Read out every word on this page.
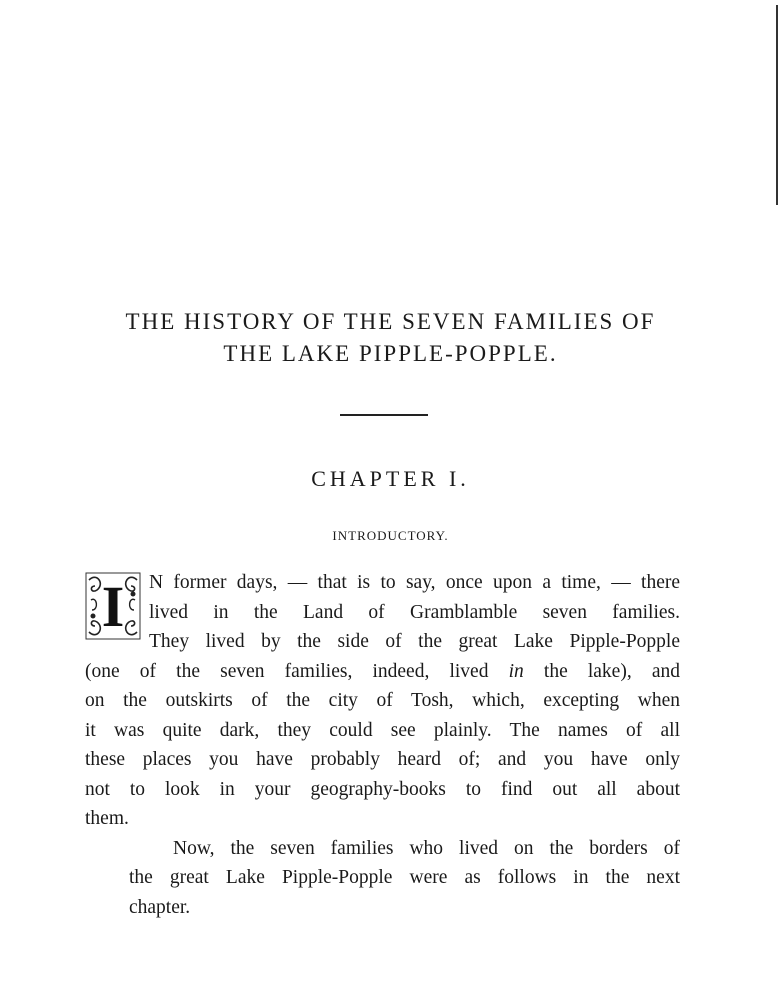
THE HISTORY OF THE SEVEN FAMILIES OF
THE LAKE PIPPLE-POPPLE.
CHAPTER I.
INTRODUCTORY.
I	N former days, — that is to say, once upon a time, — there
lived in the Land of Gramblamble seven families.
They lived by the side of the great Lake Pipple-Popple
(one of the seven families, indeed, lived in the lake), and
on the outskirts of the city of Tosh, which, excepting when
it was quite dark, they could see plainly. The names of all
these places you have probably heard of; and you have only
not to look in your geography-books to find out all about
them.
Now, the seven families who lived on the borders of
the great Lake Pipple-Popple were as follows in the next
chapter.
